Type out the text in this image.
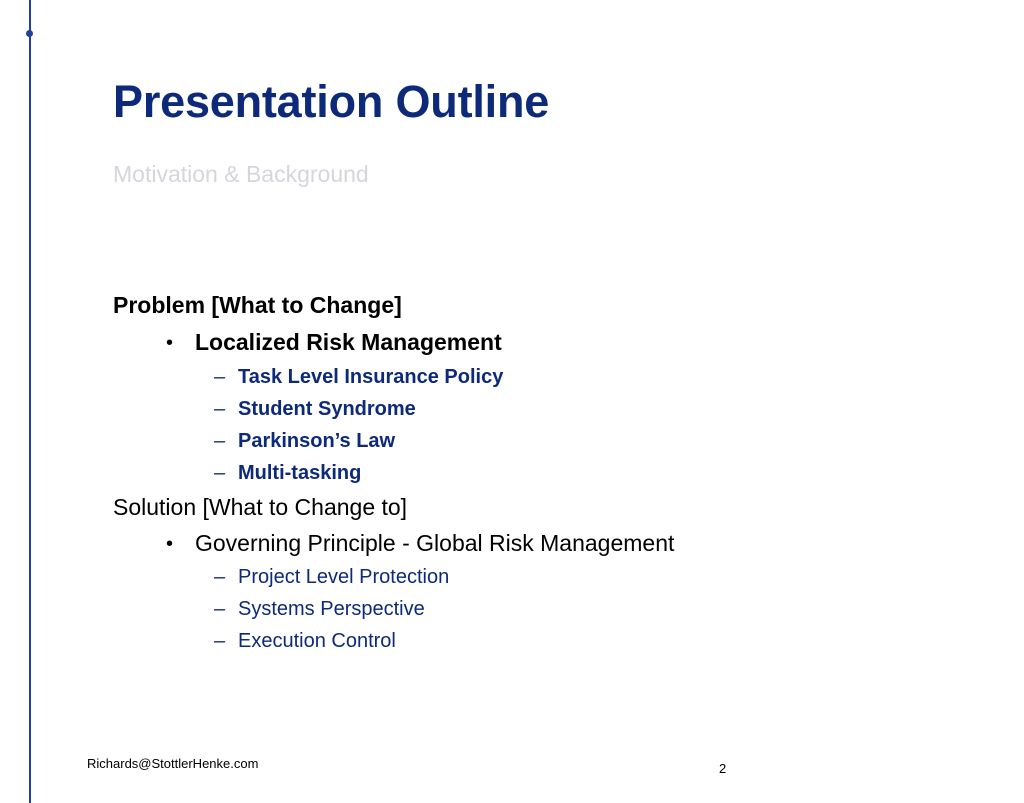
Presentation Outline
Motivation & Background
Problem [What to Change]
• Localized Risk Management
– Task Level Insurance Policy
– Student Syndrome
– Parkinson’s Law
– Multi-tasking
Solution [What to Change to]
• Governing Principle - Global Risk Management
– Project Level Protection
– Systems Perspective
– Execution Control
Richards@StottlerHenke.com	2
